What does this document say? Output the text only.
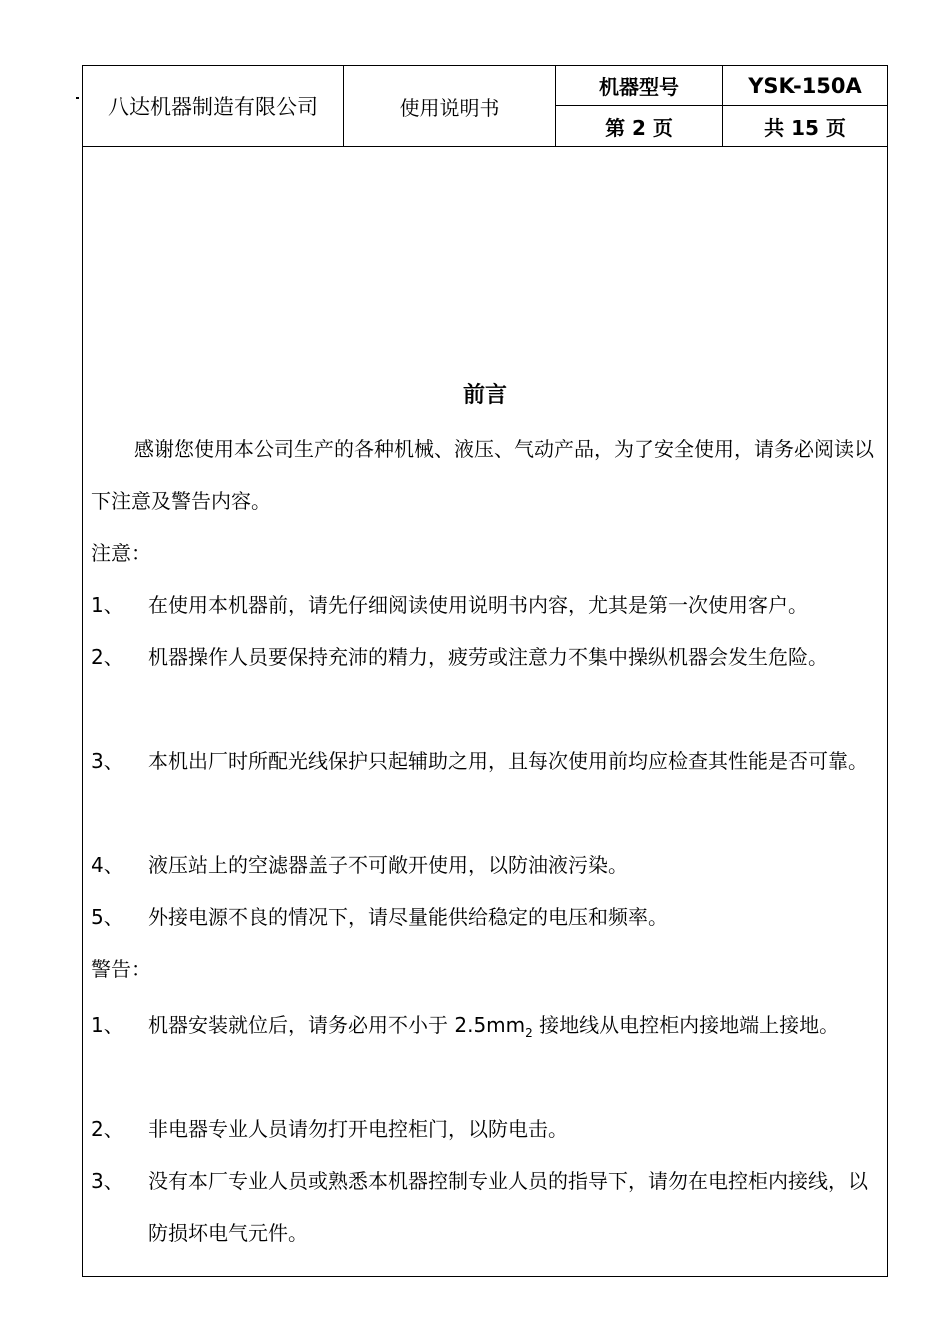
八达机器制造有限公司	使用说明书
机器型号	YSK-150A
第 2 页	共 15 页
前言
感谢您使用本公司生产的各种机械、液压、气动产品，为了安全使用，请务必阅读以下注意及警告内容。
注意：
1、	在使用本机器前，请先仔细阅读使用说明书内容，尤其是第一次使用客户。
2、	机器操作人员要保持充沛的精力，疲劳或注意力不集中操纵机器会发生危险。
3、	本机出厂时所配光线保护只起辅助之用，且每次使用前均应检查其性能是否可靠。
4、	液压站上的空滤器盖子不可敞开使用，以防油液污染。
5、	外接电源不良的情况下，请尽量能供给稳定的电压和频率。
警告：
1、	机器安装就位后，请务必用不小于 $2.5mm_2$ 接地线从电控柜内接地端上接地。
2、	非电器专业人员请勿打开电控柜门，以防电击。
3、	没有本厂专业人员或熟悉本机器控制专业人员的指导下，请勿在电控柜内接线，以防损坏电气元件。
